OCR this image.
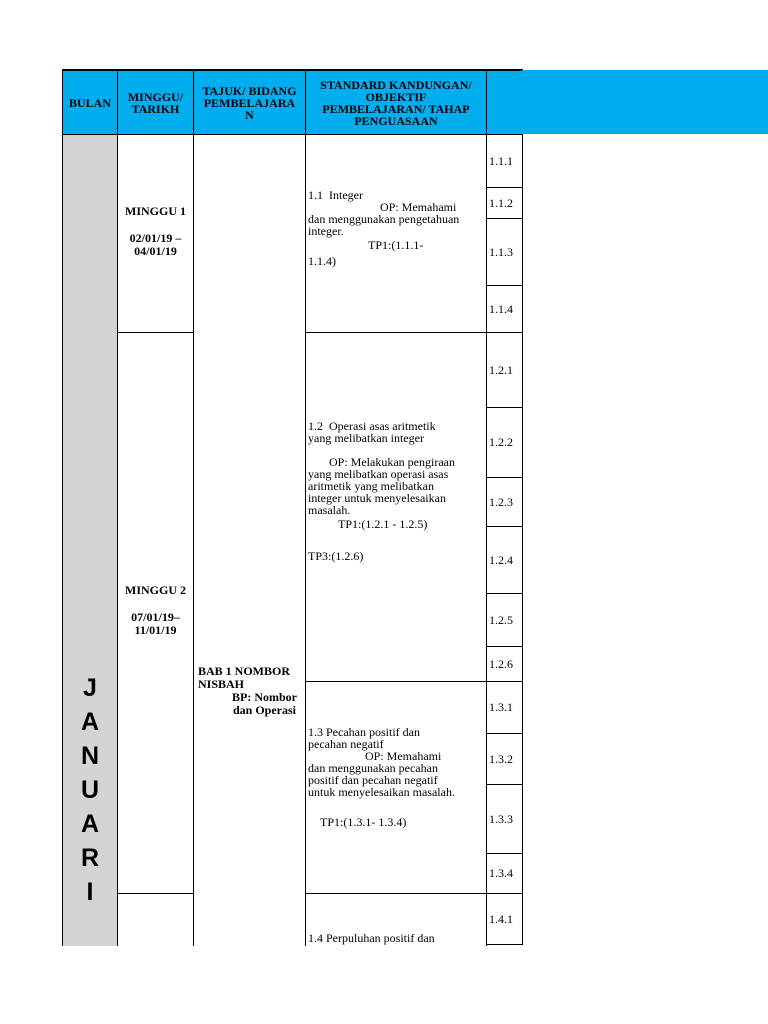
BULAN MINGGU/
TARIKH
TAJUK/ BIDANG
PEMBELAJARA
N
STANDARD KANDUNGAN/
OBJEKTIF
PEMBELAJARAN/ TAHAP
PENGUASAAN
J
A
N
U
A
R
I
MINGGU 1
02/01/19 –
04/01/19
MINGGU 2
07/01/19–
11/01/19
BAB 1 NOMBOR
NISBAH
BP: Nombor
dan Operasi

1.1  Integer

OP: Memahami
dan menggunakan pengetahuan
integer.

TP1:(1.1.1-
1.1.4)

1.2  Operasi asas aritmetik
yang melibatkan integer

OP: Melakukan pengiraan
yang melibatkan operasi asas
aritmetik yang melibatkan
integer untuk menyelesaikan
masalah.

TP1:(1.2.1 - 1.2.5)

TP3:(1.2.6)

1.3 Pecahan positif dan
pecahan negatif

OP: Memahami
dan menggunakan pecahan
positif dan pecahan negatif
untuk menyelesaikan masalah.

TP1:(1.3.1- 1.3.4)

1.4 Perpuluhan positif dan

1.1.1
1.1.2
1.1.3
1.1.4
1.2.1
1.2.2
1.2.3
1.2.4
1.2.5
1.2.6
1.3.1
1.3.2
1.3.3
1.3.4
1.4.1
